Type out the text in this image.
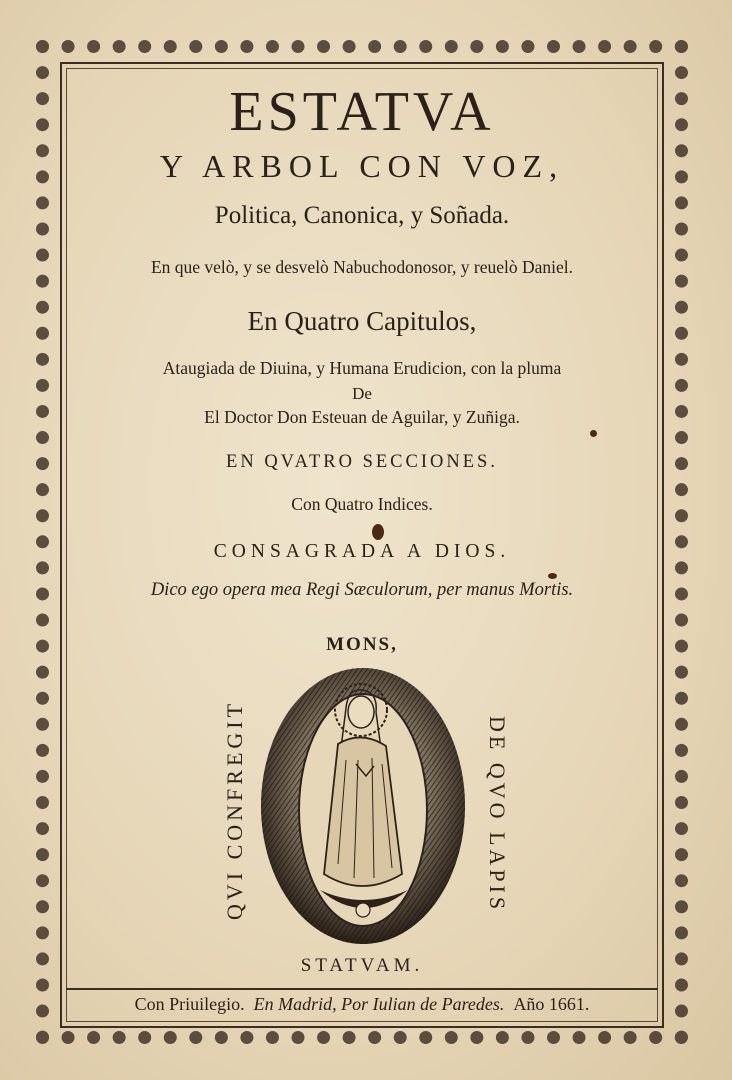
ESTATVA
Y ARBOL CON VOZ,
Politica, Canonica, y Soñada.
En que velò, y se desvelò Nabuchodonosor, y reuelò Daniel.
En Quatro Capitulos,
Ataugiada de Diuina, y Humana Erudicion, con la pluma
De
El Doctor Don Esteuan de Aguilar, y Zuñiga.
EN QVATRO SECCIONES.
Con Quatro Indices.
CONSAGRADA A DIOS.
Dico ego opera mea Regi Sæculorum, per manus Mortis.
MONS,
QVI CONFREGIT	DE QVO LAPIS
STATVAM.
Con Priuilegio. En Madrid, Por Iulian de Paredes. Año 1661.
